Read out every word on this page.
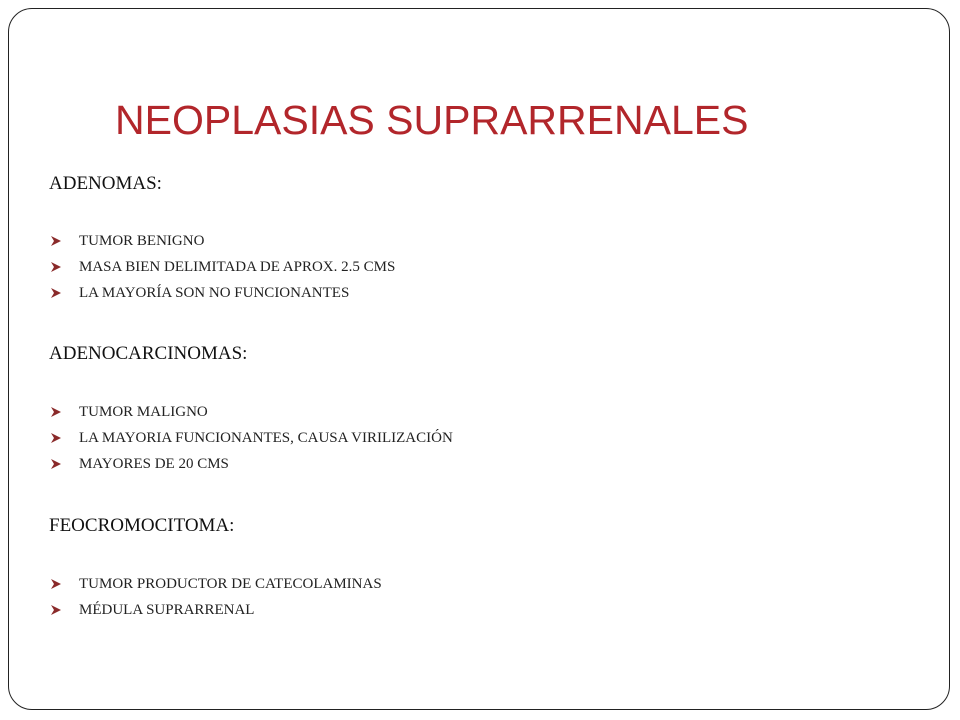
NEOPLASIAS SUPRARRENALES
ADENOMAS:
TUMOR BENIGNO
MASA BIEN DELIMITADA DE APROX. 2.5 CMS
LA MAYORÍA SON NO FUNCIONANTES
ADENOCARCINOMAS:
TUMOR MALIGNO
LA MAYORIA FUNCIONANTES, CAUSA VIRILIZACIÓN
MAYORES DE 20 CMS
FEOCROMOCITOMA:
TUMOR PRODUCTOR DE CATECOLAMINAS
MÉDULA SUPRARRENAL
